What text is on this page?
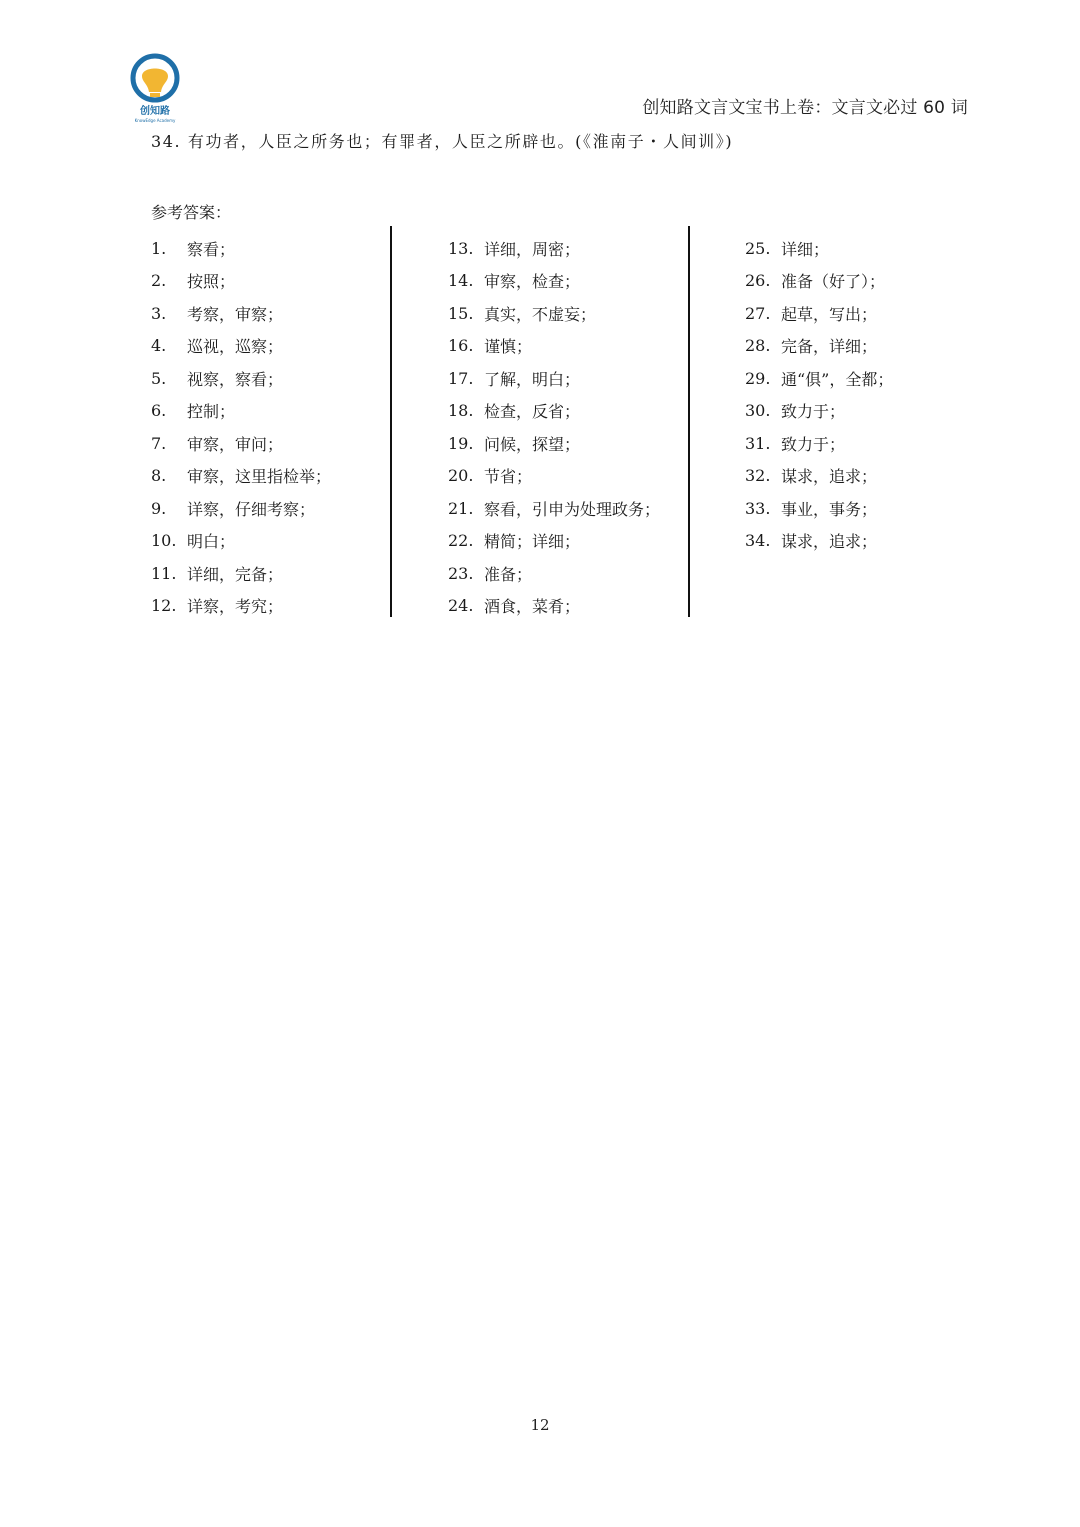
创知路
KnowEdge Academy
创知路文言文宝书上卷：文言文必过 60 词
34. 有功者，人臣之所务也；有罪者，人臣之所辟也。(《淮南子・人间训》)
参考答案：
1.	察看；
2.	按照；
3.	考察，审察；
4.	巡视，巡察；
5.	视察，察看；
6.	控制；
7.	审察，审问；
8.	审察，这里指检举；
9.	详察，仔细考察；
10. 明白；
11. 详细，完备；
12. 详察，考究；
13. 详细，周密；
14. 审察，检查；
15. 真实，不虚妄；
16. 谨慎；
17. 了解，明白；
18. 检查，反省；
19. 问候，探望；
20. 节省；
21. 察看，引申为处理政务；
22. 精简；详细；
23. 准备；
24. 酒食，菜肴；
25. 详细；
26. 准备（好了）；
27. 起草，写出；
28. 完备，详细；
29. 通“俱”，全都；
30. 致力于；
31. 致力于；
32. 谋求，追求；
33. 事业，事务；
34. 谋求，追求；
12
